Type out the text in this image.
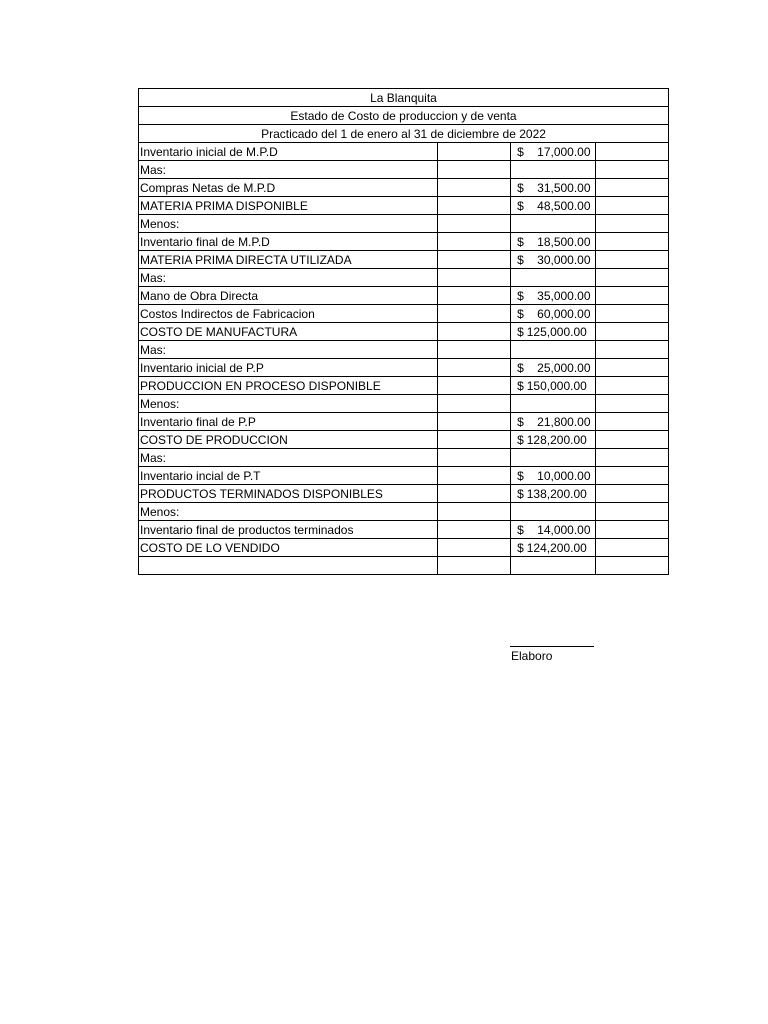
La Blanquita			
Estado de Costo de produccion y de venta			
Practicado del 1 de enero al 31 de diciembre de 2022			
Inventario inicial de M.P.D		$ 17,000.00	

Mas:		

Compras Netas de M.P.D		$ 31,500.00	

MATERIA PRIMA DISPONIBLE		$ 48,500.00	

Menos:		

Inventario final de M.P.D		$ 18,500.00	

MATERIA PRIMA DIRECTA UTILIZADA		$ 30,000.00	

Mas:		

Mano de Obra Directa		$ 35,000.00	

Costos Indirectos de Fabricacion		$ 60,000.00	

COSTO DE MANUFACTURA		$ 125,000.00	

Mas:		

Inventario inicial de P.P		$ 25,000.00	

PRODUCCION EN PROCESO DISPONIBLE		$ 150,000.00	

Menos:		

Inventario final de P.P		$ 21,800.00	

COSTO DE PRODUCCION		$ 128,200.00	

Mas:		

Inventario incial de P.T		$ 10,000.00	

PRODUCTOS TERMINADOS DISPONIBLES		$ 138,200.00	

Menos:		

Inventario final de productos terminados		$ 14,000.00	

COSTO DE LO VENDIDO		$ 124,200.00	

Elaboro
